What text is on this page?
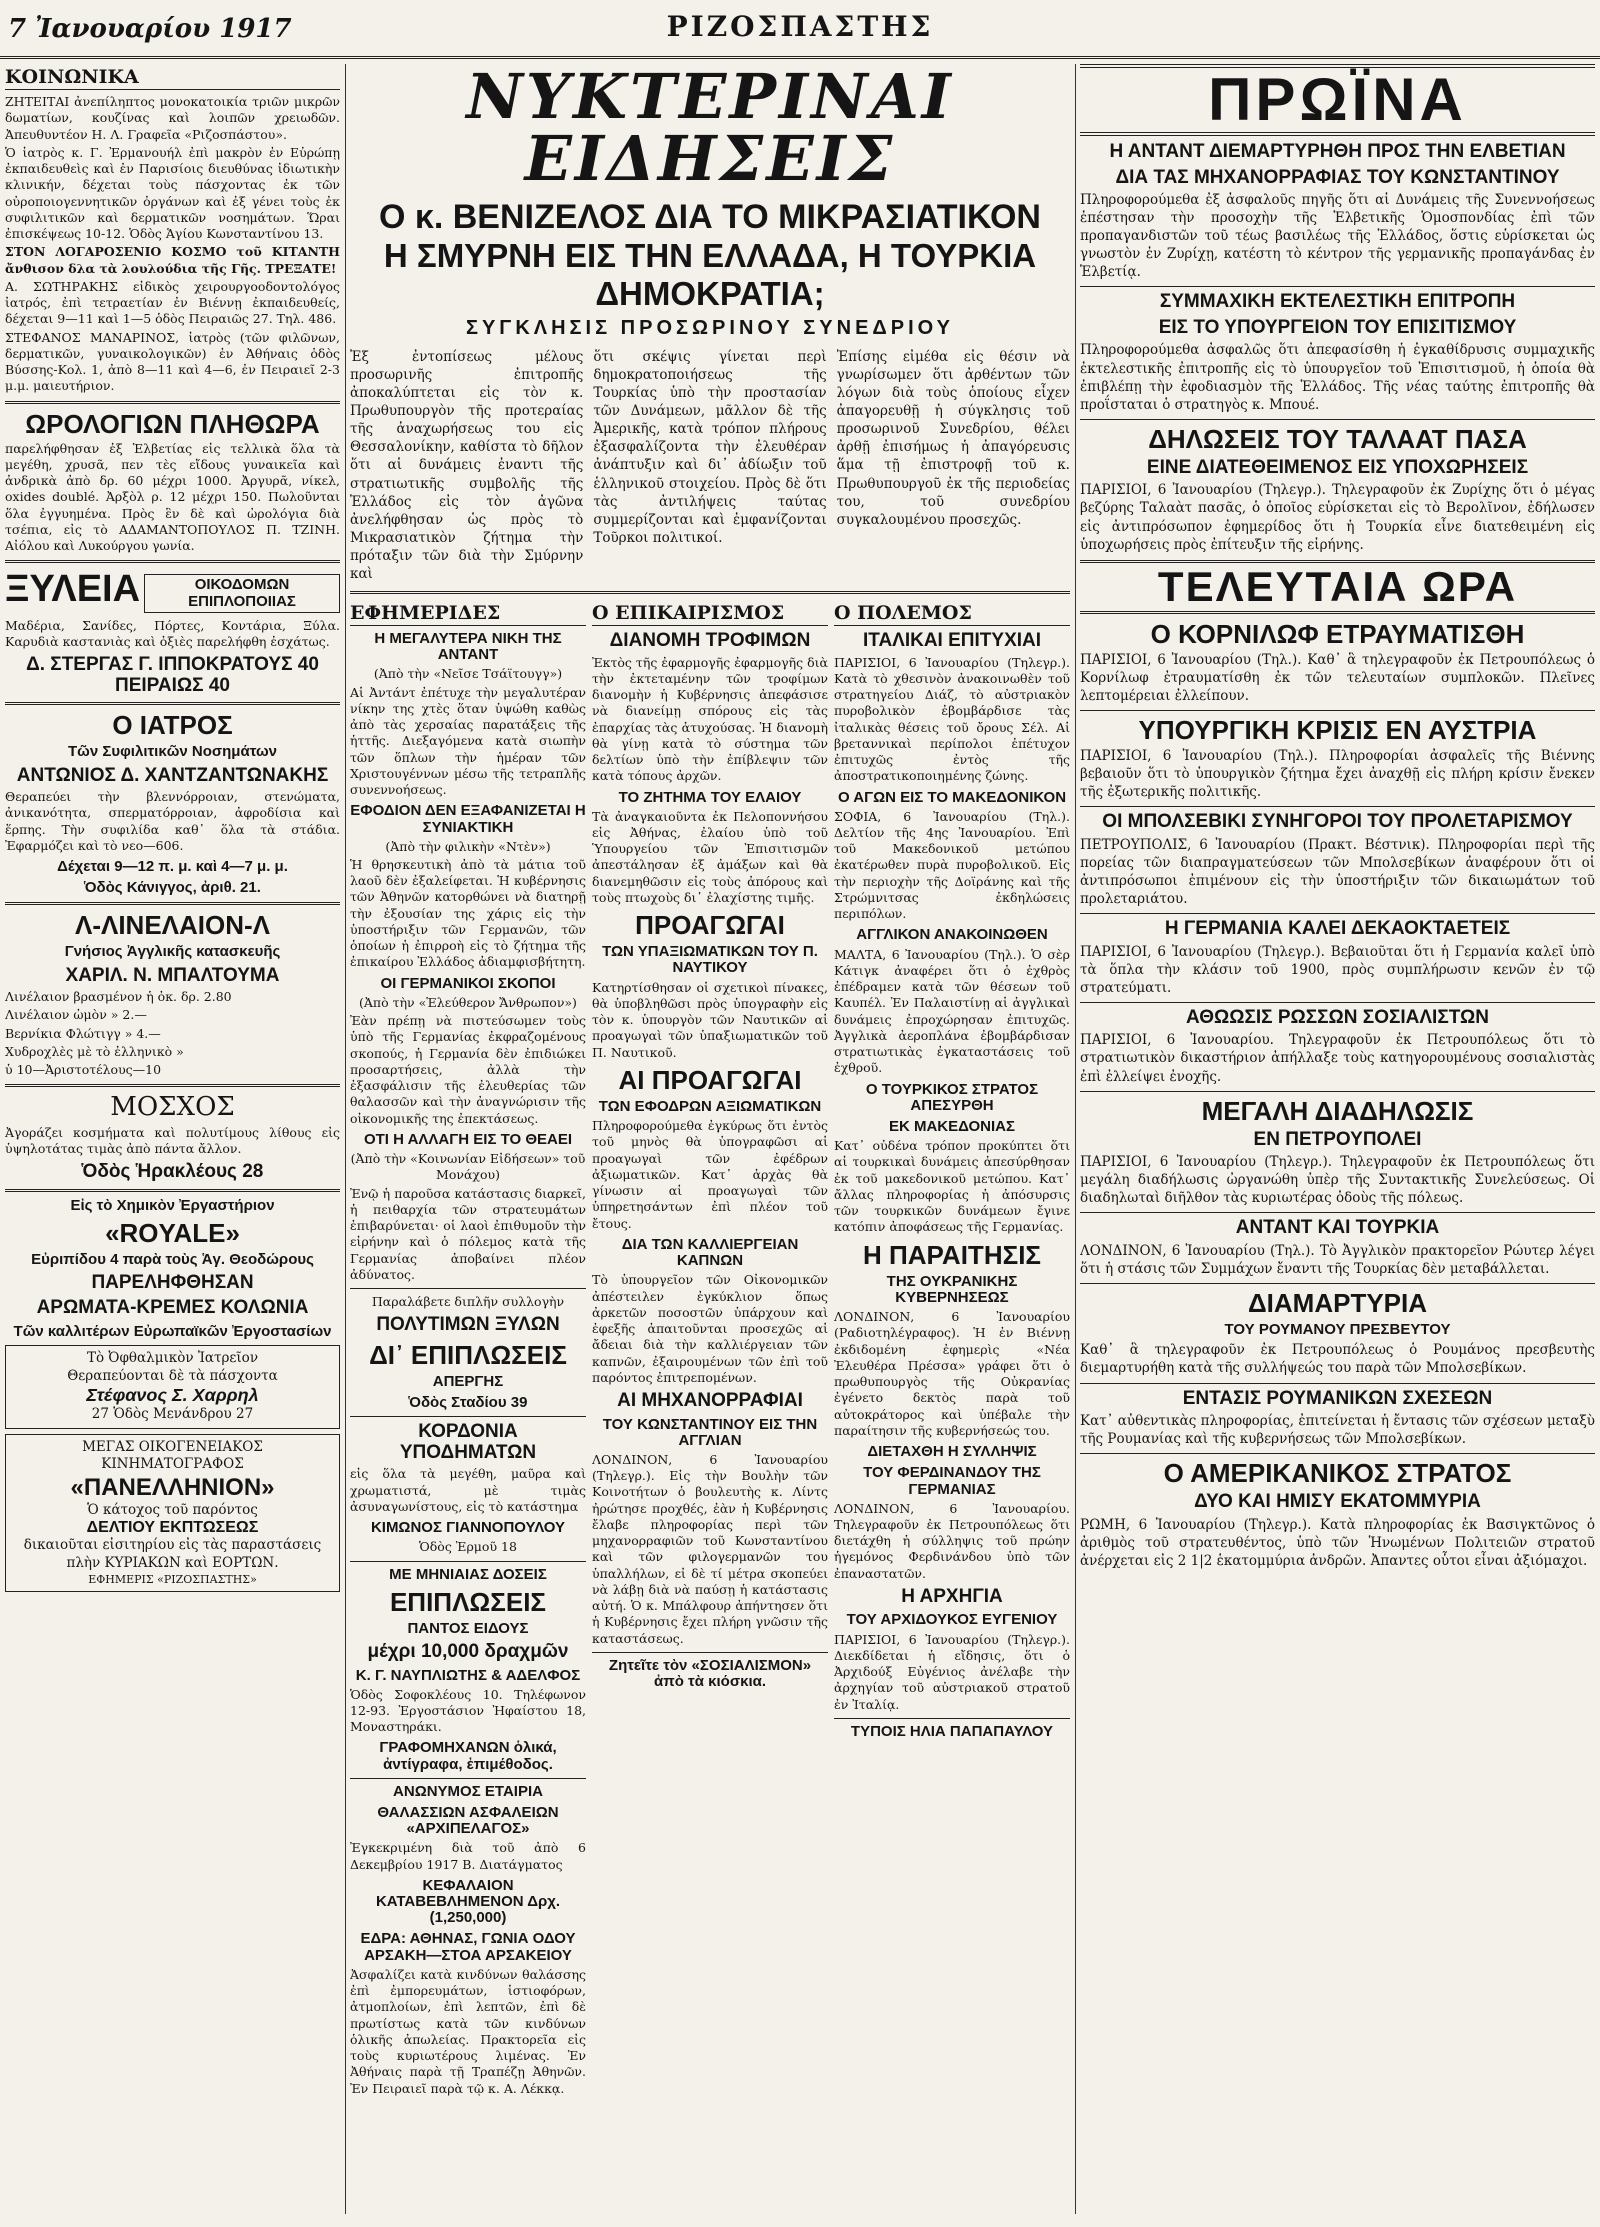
7 Ἰανουαρίου 1917	ΡΙΖΟΣΠΑΣΤΗΣ
ΚΟΙΝΩΝΙΚΑ

ΖΗΤΕΙΤΑΙ ἀνεπίληπτος μονοκατοικία τριῶν μικρῶν δωματίων, κουζίνας καὶ λοιπῶν χρειωδῶν. Ἀπευθυντέον Η. Λ. Γραφεῖα «Ριζοσπάστου».

Ὁ ἰατρὸς κ. Γ. Ἐρμανουήλ ἐπὶ μακρὸν ἐν Εὐρώπῃ ἐκπαιδευθεὶς καὶ ἐν Παρισίοις διευθύνας ἰδιωτικὴν κλινικήν, δέχεται τοὺς πάσχοντας ἐκ τῶν οὐροποιογεννητικῶν ὀργάνων καὶ ἐξ γένει τοὺς ἐκ συφιλιτικῶν καὶ δερματικῶν νοσημάτων. Ὥραι ἐπισκέψεως 10-12. Ὁδὸς Ἁγίου Κωνσταντίνου 13.

ΣΤΟΝ ΛΟΓΑΡΟΣΕΝΙΟ ΚΟΣΜΟ τοῦ ΚΙΤΑΝΤΗ ἄνθισον δλα τὰ λουλούδια τῆς Γῆς. ΤΡΕΞΑΤΕ!

Α. ΣΩΤΗΡΑΚΗΣ εἰδικὸς χειρουργοοδοντολόγος ἰατρός, ἐπὶ τετραετίαν ἐν Βιέννῃ ἐκπαιδευθείς, δέχεται 9—11 καὶ 1—5 ὁδὸς Πειραιῶς 27. Τηλ. 486.

ΣΤΕΦΑΝΟΣ ΜΑΝΑΡΙΝΟΣ, ἰατρὸς (τῶν φιλῶνων, δερματικῶν, γυναικολογικῶν) ἐν Ἀθήναις ὁδὸς Βύσσης-Κολ. 1, ἀπὸ 8—11 καὶ 4—6, ἐν Πειραιεῖ 2-3 μ.μ. μαιευτήριον.

ΩΡΟΛΟΓΙΩΝ ΠΛΗΘΩΡΑ

παρελήφθησαν ἐξ Ἑλβετίας εἰς τελλικὰ ὅλα τὰ μεγέθη, χρυσᾶ, πεν τὲς εἴδους γυναικεῖα καὶ ἀνδρικὰ ἀπὸ δρ. 60 μέχρι 1000. Ἀργυρᾶ, νίκελ, oxides doublé. Ἀρξὸλ ρ. 12 μέχρι 150. Πωλοῦνται ὅλα ἐγγυημένα. Πρὸς ἓν δὲ καὶ ὠρολόγια διὰ τσέπια, εἰς τὸ ΑΔΑΜΑΝΤΟΠΟΥΛΟΣ Π. ΤΖΙΝΗ. Αἰόλου καὶ Λυκούργου γωνία.

ΞΥΛΕΙΑ	ΟΙΚΟΔΟΜΩΝ ΕΠΙΠΛΟΠΟΙΙΑΣ

Μαδέρια, Σανίδες, Πόρτες, Κοντάρια, Ξύλα. Καρυδιὰ καστανιὰς καὶ ὀξιὲς παρελήφθη ἐσχάτως.

Δ. ΣΤΕΡΓΑΣ Γ. ΙΠΠΟΚΡΑΤΟΥΣ 40 ΠΕΙΡΑΙΩΣ 40
Ο ΙΑΤΡΟΣ
Τῶν Συφιλιτικῶν Νοσημάτων
ΑΝΤΩΝΙΟΣ Δ. ΧΑΝΤΖΑΝΤΩΝΑΚΗΣ

Θεραπεύει τὴν βλεννόρροιαν, στενώματα, ἀνικανότητα, σπερματόρροιαν, ἀφροδίσια καὶ ἕρπης. Τὴν συφιλίδα καθ᾽ ὅλα τὰ στάδια. Ἐφαρμόζει καὶ τὸ νεο—606.

Δέχεται 9—12 π. μ. καὶ 4—7 μ. μ.
Ὁδὸς Κάνιγγος, ἀριθ. 21.
Λ-ΛΙΝΕΛΑΙΟΝ-Λ
Γνήσιος Ἀγγλικῆς κατασκευῆς
ΧΑΡΙΛ. Ν. ΜΠΑΛΤΟΥΜΑ
Λινέλαιον βρασμένον ἡ ὀκ. δρ. 2.80
Λινέλαιον ὠμὸν » 2.—
Βερνίκια Φλώτιγγ » 4.—
Χυδροχλὲς μὲ τὸ ἐλληνικὸ »
ὑ 10—Ἀριστοτέλους—10
ΜΟΣΧΟΣ

Ἀγοράζει κοσμήματα καὶ πολυτίμους λίθους εἰς ὑψηλοτάτας τιμὰς ἀπὸ πάντα ἄλλον.

Ὁδὸς Ἡρακλέους 28
Εἰς τὸ Χημικὸν Ἐργαστήριον
«ROYALE»
Εὐριπίδου 4 παρὰ τοὺς Ἁγ. Θεοδώρους
ΠΑΡΕΛΗΦΘΗΣΑΝ
ΑΡΩΜΑΤΑ-ΚΡΕΜΕΣ ΚΟΛΩΝΙΑ
Τῶν καλλιτέρων Εὐρωπαϊκῶν Ἐργοστασίων
Τὸ Ὀφθαλμικὸν Ἰατρεῖον
Θεραπεύονται δὲ τὰ πάσχοντα
Στέφανος Σ. Χαρρηλ
27 Ὁδὸς Μενάνδρου 27
ΜΕΓΑΣ ΟΙΚΟΓΕΝΕΙΑΚΟΣ ΚΙΝΗΜΑΤΟΓΡΑΦΟΣ
«ΠΑΝΕΛΛΗΝΙΟΝ»
Ὁ κάτοχος τοῦ παρόντος
ΔΕΛΤΙΟΥ ΕΚΠΤΩΣΕΩΣ
δικαιοῦται εἰσιτηρίου εἰς τὰς παραστάσεις πλὴν ΚΥΡΙΑΚΩΝ καὶ ΕΟΡΤΩΝ.
ΕΦΗΜΕΡΙΣ «ΡΙΖΟΣΠΑΣΤΗΣ»
ΝΥΚΤΕΡΙΝΑΙ ΕΙΔΗΣΕΙΣ
Ο κ. ΒΕΝΙΖΕΛΟΣ ΔΙΑ ΤΟ ΜΙΚΡΑΣΙΑΤΙΚΟΝ
Η ΣΜΥΡΝΗ ΕΙΣ ΤΗΝ ΕΛΛΑΔΑ, Η ΤΟΥΡΚΙΑ ΔΗΜΟΚΡΑΤΙΑ;
ΣΥΓΚΛΗΣΙΣ ΠΡΟΣΩΡΙΝΟΥ ΣΥΝΕΔΡΙΟΥ

Ἐξ ἐντοπίσεως μέλους προσωρινῆς ἐπιτροπῆς ἀποκαλύπτεται εἰς τὸν κ. Πρωθυπουργὸν τῆς προτεραίας τῆς ἀναχωρήσεως του εἰς Θεσσαλονίκην, καθίστα τὸ δῆλον ὅτι αἱ δυνάμεις ἐναντι τῆς στρατιωτικῆς συμβολῆς τῆς Ἑλλάδος εἰς τὸν ἀγῶνα ἀνελήφθησαν ὡς πρὸς τὸ Μικρασιατικὸν ζήτημα τὴν πρόταξιν τῶν διὰ τὴν Σμύρνην καὶ

ὅτι σκέψις γίνεται περὶ δημοκρατοποιήσεως τῆς Τουρκίας ὑπὸ τὴν προστασίαν τῶν Δυνάμεων, μᾶλλον δὲ τῆς Ἀμερικῆς, κατὰ τρόπον πλήρους ἐξασφαλίζοντα τὴν ἐλευθέραν ἀνάπτυξιν καὶ δι᾽ ἀδίωξιν τοῦ ἑλληνικοῦ στοιχείου. Πρὸς δὲ ὅτι τὰς ἀντιλήψεις ταύτας συμμερίζονται καὶ ἐμφανίζονται Τοῦρκοι πολιτικοί.

Ἐπίσης εἰμέθα εἰς θέσιν νὰ γνωρίσωμεν ὅτι ἀρθέντων τῶν λόγων διὰ τοὺς ὁποίους εἶχεν ἀπαγορευθῇ ἡ σύγκλησις τοῦ προσωρινοῦ Συνεδρίου, θέλει ἀρθῇ ἐπισήμως ἡ ἀπαγόρευσις ἅμα τῇ ἐπιστροφῇ τοῦ κ. Πρωθυπουργοῦ ἐκ τῆς περιοδείας του, τοῦ συνεδρίου συγκαλουμένου προσεχῶς.

ΕΦΗΜΕΡΙΔΕΣ
Η ΜΕΓΑΛΥΤΕΡΑ ΝΙΚΗ ΤΗΣ ΑΝΤΑΝΤ
(Ἀπὸ τὴν «Νεῖσε Τσάϊτουγγ»)

Αἱ Ἀντάντ ἐπέτυχε τὴν μεγαλυτέραν νίκην της χτὲς ὅταν ὑψώθη καθὼς ἀπὸ τὰς χερσαίας παρατάξεις τῆς ἡττῆς. Διεξαγόμενα κατὰ σιωπὴν τῶν ὅπλων τὴν ἡμέραν τῶν Χριστουγέννων μέσω τῆς τετραπλῆς συνεννοήσεως.

ΕΦΟΔΙΟΝ ΔΕΝ ΕΞΑΦΑΝΙΖΕΤΑΙ Η ΣΥΝΙΑΚΤΙΚΗ
(Ἀπὸ τὴν φιλικὴν «Ντὲν»)

Ἡ θρησκευτικὴ ἀπὸ τὰ μάτια τοῦ λαοῦ δὲν ἐξαλείφεται. Ἡ κυβέρνησις τῶν Ἀθηνῶν κατορθώνει νὰ διατηρῇ τὴν ἐξουσίαν της χάρις εἰς τὴν ὑποστήριξιν τῶν Γερμανῶν, τῶν ὁποίων ἡ ἐπιρροὴ εἰς τὸ ζήτημα τῆς ἐπικαίρου Ἐλλάδος ἀδιαμφισβήτητη.

ΟΙ ΓΕΡΜΑΝΙΚΟΙ ΣΚΟΠΟΙ
(Ἀπὸ τὴν «Ἑλεύθερον Ἄνθρωπον»)

Ἐὰν πρέπῃ νὰ πιστεύσωμεν τοὺς ὑπὸ τῆς Γερμανίας ἐκφραζομένους σκοπούς, ἡ Γερμανία δὲν ἐπιδιώκει προσαρτήσεις, ἀλλὰ τὴν ἐξασφάλισιν τῆς ἐλευθερίας τῶν θαλασσῶν καὶ τὴν ἀναγνώρισιν τῆς οἰκονομικῆς της ἐπεκτάσεως.

ΟΤΙ Η ΑΛΛΑΓΗ ΕΙΣ ΤΟ ΘΕΑΕΙ
(Ἀπὸ τὴν «Κοινωνίαν Εἰδήσεων» τοῦ Μονάχου)

Ἐνῷ ἡ παροῦσα κατάστασις διαρκεῖ, ἡ πειθαρχία τῶν στρατευμάτων ἐπιβαρύνεται· οἱ λαοὶ ἐπιθυμοῦν τὴν εἰρήνην καὶ ὁ πόλεμος κατὰ τῆς Γερμανίας ἀποβαίνει πλέον ἀδύνατος.

Παραλάβετε διπλῆν συλλογὴν
ΠΟΛΥΤΙΜΩΝ ΞΥΛΩΝ
ΔΙ᾽ ΕΠΙΠΛΩΣΕΙΣ
ΑΠΕΡΓΗΣ
Ὁδὸς Σταδίου 39
ΚΟΡΔΟΝΙΑ ΥΠΟΔΗΜΑΤΩΝ

εἰς ὅλα τὰ μεγέθη, μαῦρα καὶ χρωματιστά, μὲ τιμὰς ἀσυναγωνίστους, εἰς τὸ κατάστημα

ΚΙΜΩΝΟΣ ΓΙΑΝΝΟΠΟΥΛΟΥ
Ὁδὸς Ἐρμοῦ 18
ΜΕ ΜΗΝΙΑΙΑΣ ΔΟΣΕΙΣ
ΕΠΙΠΛΩΣΕΙΣ
ΠΑΝΤΟΣ ΕΙΔΟΥΣ
μέχρι 10,000 δραχμῶν
Κ. Γ. ΝΑΥΠΛΙΩΤΗΣ & ΑΔΕΛΦΟΣ

Ὁδὸς Σοφοκλέους 10. Τηλέφωνον 12-93. Ἐργοστάσιον Ἠφαίστου 18, Μοναστηράκι.

ΓΡΑΦΟΜΗΧΑΝΩΝ ὁλικά, ἀντίγραφα, ἐπιμέθοδος.
ΑΝΩΝΥΜΟΣ ΕΤΑΙΡΙΑ
ΘΑΛΑΣΣΙΩΝ ΑΣΦΑΛΕΙΩΝ «ΑΡΧΙΠΕΛΑΓΟΣ»

Ἐγκεκριμένη διὰ τοῦ ἀπὸ 6 Δεκεμβρίου 1917 Β. Διατάγματος

ΚΕΦΑΛΑΙΟΝ ΚΑΤΑΒΕΒΛΗΜΕΝΟΝ Δρχ. (1,250,000)
ΕΔΡΑ: ΑΘΗΝΑΣ, ΓΩΝΙΑ ΟΔΟΥ ΑΡΣΑΚΗ—ΣΤΟΑ ΑΡΣΑΚΕΙΟΥ

Ἀσφαλίζει κατὰ κινδύνων θαλάσσης ἐπὶ ἐμπορευμάτων, ἱστιοφόρων, ἀτμοπλοίων, ἐπὶ λεπτῶν, ἐπὶ δὲ πρωτίστως κατὰ τῶν κινδύνων ὁλικῆς ἀπωλείας. Πρακτορεῖα εἰς τοὺς κυριωτέρους λιμένας. Ἐν Ἀθήναις παρὰ τῇ Τραπέζῃ Ἀθηνῶν. Ἐν Πειραιεῖ παρὰ τῷ κ. Α. Λέκκᾳ.

Ο ΕΠΙΚΑΙΡΙΣΜΟΣ
ΔΙΑΝΟΜΗ ΤΡΟΦΙΜΩΝ

Ἐκτὸς τῆς ἐφαρμογῆς ἐφαρμογῆς διὰ τὴν ἐκτεταμένην τῶν τροφίμων διανομὴν ἡ Κυβέρνησις ἀπεφάσισε νὰ διανείμῃ σπόρους εἰς τὰς ἐπαρχίας τὰς ἀτυχούσας. Ἡ διανομὴ θὰ γίνῃ κατὰ τὸ σύστημα τῶν δελτίων ὑπὸ τὴν ἐπίβλεψιν τῶν κατὰ τόπους ἀρχῶν.

ΤΟ ΖΗΤΗΜΑ ΤΟΥ ΕΛΑΙΟΥ

Τὰ ἀναγκαιοῦντα ἐκ Πελοποννήσου εἰς Ἀθήνας, ἐλαίου ὑπὸ τοῦ Ὑπουργείου τῶν Ἐπισιτισμῶν ἀπεστάλησαν ἐξ ἀμάξων καὶ θὰ διανεμηθῶσιν εἰς τοὺς ἀπόρους καὶ τοὺς πτωχοὺς δι᾽ ἐλαχίστης τιμῆς.

ΠΡΟΑΓΩΓΑΙ
ΤΩΝ ΥΠΑΞΙΩΜΑΤΙΚΩΝ ΤΟΥ Π. ΝΑΥΤΙΚΟΥ

Κατηρτίσθησαν οἱ σχετικοὶ πίνακες, θὰ ὑποβληθῶσι πρὸς ὑπογραφὴν εἰς τὸν κ. ὑπουργὸν τῶν Ναυτικῶν αἱ προαγωγαὶ τῶν ὑπαξιωματικῶν τοῦ Π. Ναυτικοῦ.

ΑΙ ΠΡΟΑΓΩΓΑΙ
ΤΩΝ ΕΦΟΔΡΩΝ ΑΞΙΩΜΑΤΙΚΩΝ

Πληροφορούμεθα ἐγκύρως ὅτι ἐντὸς τοῦ μηνὸς θὰ ὑπογραφῶσι αἱ προαγωγαὶ τῶν ἐφέδρων ἀξιωματικῶν. Κατ᾽ ἀρχὰς θὰ γίνωσιν αἱ προαγωγαὶ τῶν ὑπηρετησάντων ἐπὶ πλέον τοῦ ἔτους.

ΔΙΑ ΤΩΝ ΚΑΛΛΙΕΡΓΕΙΑΝ ΚΑΠΝΩΝ

Τὸ ὑπουργεῖον τῶν Οἰκονομικῶν ἀπέστειλεν ἐγκύκλιον ὅπως ἀρκετῶν ποσοστῶν ὑπάρχουν καὶ ἐφεξῆς ἀπαιτοῦνται προσεχῶς αἱ ἄδειαι διὰ τὴν καλλιέργειαν τῶν καπνῶν, ἐξαιρουμένων τῶν ἐπὶ τοῦ παρόντος ἐπιτρεπομένων.

ΑΙ ΜΗΧΑΝΟΡΡΑΦΙΑΙ
ΤΟΥ ΚΩΝΣΤΑΝΤΙΝΟΥ ΕΙΣ ΤΗΝ ΑΓΓΛΙΑΝ

ΛΟΝΔΙΝΟΝ, 6 Ἰανουαρίου (Τηλεγρ.). Εἰς τὴν Βουλὴν τῶν Κοινοτήτων ὁ βουλευτὴς κ. Λίντς ἠρώτησε προχθές, ἐὰν ἡ Κυβέρνησις ἔλαβε πληροφορίας περὶ τῶν μηχανορραφιῶν τοῦ Κωνσταντίνου καὶ τῶν φιλογερμανῶν του ὑπαλλήλων, εἰ δὲ τί μέτρα σκοπεύει νὰ λάβῃ διὰ νὰ παύσῃ ἡ κατάστασις αὐτή. Ὁ κ. Μπάλφουρ ἀπήντησεν ὅτι ἡ Κυβέρνησις ἔχει πλήρη γνῶσιν τῆς καταστάσεως.

Ζητεῖτε τὸν «ΣΟΣΙΑΛΙΣΜΟΝ» ἀπὸ τὰ κιόσκια.
Ο ΠΟΛΕΜΟΣ
ΙΤΑΛΙΚΑΙ ΕΠΙΤΥΧΙΑΙ

ΠΑΡΙΣΙΟΙ, 6 Ἰανουαρίου (Τηλεγρ.). Κατὰ τὸ χθεσινὸν ἀνακοινωθὲν τοῦ στρατηγείου Διάζ, τὸ αὐστριακὸν πυροβολικὸν ἐβομβάρδισε τὰς ἰταλικὰς θέσεις τοῦ ὄρους Σέλ. Αἱ βρεταννικαὶ περίπολοι ἐπέτυχον ἐπιτυχῶς ἐντὸς τῆς ἀποστρατικοποιημένης ζώνης.

Ο ΑΓΩΝ ΕΙΣ ΤΟ ΜΑΚΕΔΟΝΙΚΟΝ

ΣΟΦΙΑ, 6 Ἰανουαρίου (Τηλ.). Δελτίον τῆς 4ης Ἰανουαρίου. Ἐπὶ τοῦ Μακεδονικοῦ μετώπου ἐκατέρωθεν πυρὰ πυροβολικοῦ. Εἰς τὴν περιοχὴν τῆς Δοϊράνης καὶ τῆς Στρώμνιτσας ἐκδηλώσεις περιπόλων.

ΑΓΓΛΙΚΟΝ ΑΝΑΚΟΙΝΩΘΕΝ

ΜΑΛΤΑ, 6 Ἰανουαρίου (Τηλ.). Ὁ σὲρ Κάτιγκ ἀναφέρει ὅτι ὁ ἐχθρὸς ἐπέδραμεν κατὰ τῶν θέσεων τοῦ Καυπέλ. Ἐν Παλαιστίνῃ αἱ ἀγγλικαὶ δυνάμεις ἐπροχώρησαν ἐπιτυχῶς. Ἀγγλικὰ ἀεροπλάνα ἐβομβάρδισαν στρατιωτικὰς ἐγκαταστάσεις τοῦ ἐχθροῦ.

Ο ΤΟΥΡΚΙΚΟΣ ΣΤΡΑΤΟΣ ΑΠΕΣΥΡΘΗ
ΕΚ ΜΑΚΕΔΟΝΙΑΣ

Κατ᾽ οὐδένα τρόπον προκύπτει ὅτι αἱ τουρκικαὶ δυνάμεις ἀπεσύρθησαν ἐκ τοῦ μακεδονικοῦ μετώπου. Κατ᾽ ἄλλας πληροφορίας ἡ ἀπόσυρσις τῶν τουρκικῶν δυνάμεων ἔγινε κατόπιν ἀποφάσεως τῆς Γερμανίας.

Η ΠΑΡΑΙΤΗΣΙΣ
ΤΗΣ ΟΥΚΡΑΝΙΚΗΣ ΚΥΒΕΡΝΗΣΕΩΣ

ΛΟΝΔΙΝΟΝ, 6 Ἰανουαρίου (Ραδιοτηλέγραφος). Ἡ ἐν Βιέννῃ ἐκδιδομένη ἐφημερὶς «Νέα Ἐλευθέρα Πρέσσα» γράφει ὅτι ὁ πρωθυπουργὸς τῆς Οὐκρανίας ἐγένετο δεκτὸς παρὰ τοῦ αὐτοκράτορος καὶ ὑπέβαλε τὴν παραίτησιν τῆς κυβερνήσεώς του.

ΔΙΕΤΑΧΘΗ Η ΣΥΛΛΗΨΙΣ
ΤΟΥ ΦΕΡΔΙΝΑΝΔΟΥ ΤΗΣ ΓΕΡΜΑΝΙΑΣ

ΛΟΝΔΙΝΟΝ, 6 Ἰανουαρίου. Τηλεγραφοῦν ἐκ Πετρουπόλεως ὅτι διετάχθη ἡ σύλληψις τοῦ πρώην ἡγεμόνος Φερδινάνδου ὑπὸ τῶν ἐπαναστατῶν.

Η ΑΡΧΗΓΙΑ
ΤΟΥ ΑΡΧΙΔΟΥΚΟΣ ΕΥΓΕΝΙΟΥ

ΠΑΡΙΣΙΟΙ, 6 Ἰανουαρίου (Τηλεγρ.). Διεκδίδεται ἡ εἴδησις, ὅτι ὁ Ἀρχιδούξ Εὐγένιος ἀνέλαβε τὴν ἀρχηγίαν τοῦ αὐστριακοῦ στρατοῦ ἐν Ἰταλίᾳ.

ΤΥΠΟΙΣ ΗΛΙΑ ΠΑΠΑΠΑΥΛΟΥ
ΠΡΩΪΝΑ
Η ΑΝΤΑΝΤ ΔΙΕΜΑΡΤΥΡΗΘΗ ΠΡΟΣ ΤΗΝ ΕΛΒΕΤΙΑΝ
ΔΙΑ ΤΑΣ ΜΗΧΑΝΟΡΡΑΦΙΑΣ ΤΟΥ ΚΩΝΣΤΑΝΤΙΝΟΥ

Πληροφορούμεθα ἐξ ἀσφαλοῦς πηγῆς ὅτι αἱ Δυνάμεις τῆς Συνεννοήσεως ἐπέστησαν τὴν προσοχὴν τῆς Ἑλβετικῆς Ὁμοσπονδίας ἐπὶ τῶν προπαγανδιστῶν τοῦ τέως βασιλέως τῆς Ἑλλάδος, ὅστις εὑρίσκεται ὡς γνωστὸν ἐν Ζυρίχῃ, κατέστη τὸ κέντρον τῆς γερμανικῆς προπαγάνδας ἐν Ἑλβετίᾳ.

ΣΥΜΜΑΧΙΚΗ ΕΚΤΕΛΕΣΤΙΚΗ ΕΠΙΤΡΟΠΗ
ΕΙΣ ΤΟ ΥΠΟΥΡΓΕΙΟΝ ΤΟΥ ΕΠΙΣΙΤΙΣΜΟΥ

Πληροφορούμεθα ἀσφαλῶς ὅτι ἀπεφασίσθη ἡ ἐγκαθίδρυσις συμμαχικῆς ἐκτελεστικῆς ἐπιτροπῆς εἰς τὸ ὑπουργεῖον τοῦ Ἐπισιτισμοῦ, ἡ ὁποία θὰ ἐπιβλέπῃ τὴν ἐφοδιασμὸν τῆς Ἑλλάδος. Τῆς νέας ταύτης ἐπιτροπῆς θὰ προΐσταται ὁ στρατηγὸς κ. Μπουέ.

ΔΗΛΩΣΕΙΣ ΤΟΥ ΤΑΛΑΑΤ ΠΑΣΑ
ΕΙΝΕ ΔΙΑΤΕΘΕΙΜΕΝΟΣ ΕΙΣ ΥΠΟΧΩΡΗΣΕΙΣ

ΠΑΡΙΣΙΟΙ, 6 Ἰανουαρίου (Τηλεγρ.). Τηλεγραφοῦν ἐκ Ζυρίχης ὅτι ὁ μέγας βεζύρης Ταλαὰτ πασᾶς, ὁ ὁποῖος εὑρίσκεται εἰς τὸ Βερολῖνον, ἐδήλωσεν εἰς ἀντιπρόσωπον ἐφημερίδος ὅτι ἡ Τουρκία εἶνε διατεθειμένη εἰς ὑποχωρήσεις πρὸς ἐπίτευξιν τῆς εἰρήνης.

ΤΕΛΕΥΤΑΙΑ ΩΡΑ
Ο ΚΟΡΝΙΛΩΦ ΕΤΡΑΥΜΑΤΙΣΘΗ

ΠΑΡΙΣΙΟΙ, 6 Ἰανουαρίου (Τηλ.). Καθ᾽ ἃ τηλεγραφοῦν ἐκ Πετρουπόλεως ὁ Κορνίλωφ ἐτραυματίσθη ἐκ τῶν τελευταίων συμπλοκῶν. Πλεῖνες λεπτομέρειαι ἐλλείπουν.

ΥΠΟΥΡΓΙΚΗ ΚΡΙΣΙΣ ΕΝ ΑΥΣΤΡΙΑ

ΠΑΡΙΣΙΟΙ, 6 Ἰανουαρίου (Τηλ.). Πληροφορίαι ἀσφαλεῖς τῆς Βιέννης βεβαιοῦν ὅτι τὸ ὑπουργικὸν ζήτημα ἔχει ἀναχθῇ εἰς πλήρη κρίσιν ἔνεκεν τῆς ἐξωτερικῆς πολιτικῆς.

ΟΙ ΜΠΟΛΣΕΒΙΚΙ ΣΥΝΗΓΟΡΟΙ ΤΟΥ ΠΡΟΛΕΤΑΡΙΣΜΟΥ

ΠΕΤΡΟΥΠΟΛΙΣ, 6 Ἰανουαρίου (Πρακτ. Βέστνικ). Πληροφορίαι περὶ τῆς πορείας τῶν διαπραγματεύσεων τῶν Μπολσεβίκων ἀναφέρουν ὅτι οἱ ἀντιπρόσωποι ἐπιμένουν εἰς τὴν ὑποστήριξιν τῶν δικαιωμάτων τοῦ προλεταριάτου.

Η ΓΕΡΜΑΝΙΑ ΚΑΛΕΙ ΔΕΚΑΟΚΤΑΕΤΕΙΣ

ΠΑΡΙΣΙΟΙ, 6 Ἰανουαρίου (Τηλεγρ.). Βεβαιοῦται ὅτι ἡ Γερμανία καλεῖ ὑπὸ τὰ ὅπλα τὴν κλάσιν τοῦ 1900, πρὸς συμπλήρωσιν κενῶν ἐν τῷ στρατεύματι.

ΑΘΩΩΣΙΣ ΡΩΣΣΩΝ ΣΟΣΙΑΛΙΣΤΩΝ

ΠΑΡΙΣΙΟΙ, 6 Ἰανουαρίου. Τηλεγραφοῦν ἐκ Πετρουπόλεως ὅτι τὸ στρατιωτικὸν δικαστήριον ἀπήλλαξε τοὺς κατηγορουμένους σοσιαλιστὰς ἐπὶ ἐλλείψει ἐνοχῆς.

ΜΕΓΑΛΗ ΔΙΑΔΗΛΩΣΙΣ
ΕΝ ΠΕΤΡΟΥΠΟΛΕΙ

ΠΑΡΙΣΙΟΙ, 6 Ἰανουαρίου (Τηλεγρ.). Τηλεγραφοῦν ἐκ Πετρουπόλεως ὅτι μεγάλη διαδήλωσις ὠργανώθη ὑπὲρ τῆς Συντακτικῆς Συνελεύσεως. Οἱ διαδηλωταὶ διῆλθον τὰς κυριωτέρας ὁδοὺς τῆς πόλεως.

ΑΝΤΑΝΤ ΚΑΙ ΤΟΥΡΚΙΑ

ΛΟΝΔΙΝΟΝ, 6 Ἰανουαρίου (Τηλ.). Τὸ Ἀγγλικὸν πρακτορεῖον Ρώυτερ λέγει ὅτι ἡ στάσις τῶν Συμμάχων ἔναντι τῆς Τουρκίας δὲν μεταβάλλεται.

ΔΙΑΜΑΡΤΥΡΙΑ
ΤΟΥ ΡΟΥΜΑΝΟΥ ΠΡΕΣΒΕΥΤΟΥ

Καθ᾽ ἃ τηλεγραφοῦν ἐκ Πετρουπόλεως ὁ Ρουμάνος πρεσβευτὴς διεμαρτυρήθη κατὰ τῆς συλλήψεώς του παρὰ τῶν Μπολσεβίκων.

ΕΝΤΑΣΙΣ ΡΟΥΜΑΝΙΚΩΝ ΣΧΕΣΕΩΝ

Κατ᾽ αὐθεντικὰς πληροφορίας, ἐπιτείνεται ἡ ἔντασις τῶν σχέσεων μεταξὺ τῆς Ρουμανίας καὶ τῆς κυβερνήσεως τῶν Μπολσεβίκων.

Ο ΑΜΕΡΙΚΑΝΙΚΟΣ ΣΤΡΑΤΟΣ
ΔΥΟ ΚΑΙ ΗΜΙΣΥ ΕΚΑΤΟΜΜΥΡΙΑ

ΡΩΜΗ, 6 Ἰανουαρίου (Τηλεγρ.). Κατὰ πληροφορίας ἐκ Βασιγκτῶνος ὁ ἀριθμὸς τοῦ στρατευθέντος, ὑπὸ τῶν Ἡνωμένων Πολιτειῶν στρατοῦ ἀνέρχεται εἰς 2 1|2 ἑκατομμύρια ἀνδρῶν. Ἀπαντες οὗτοι εἶναι ἀξιόμαχοι.
